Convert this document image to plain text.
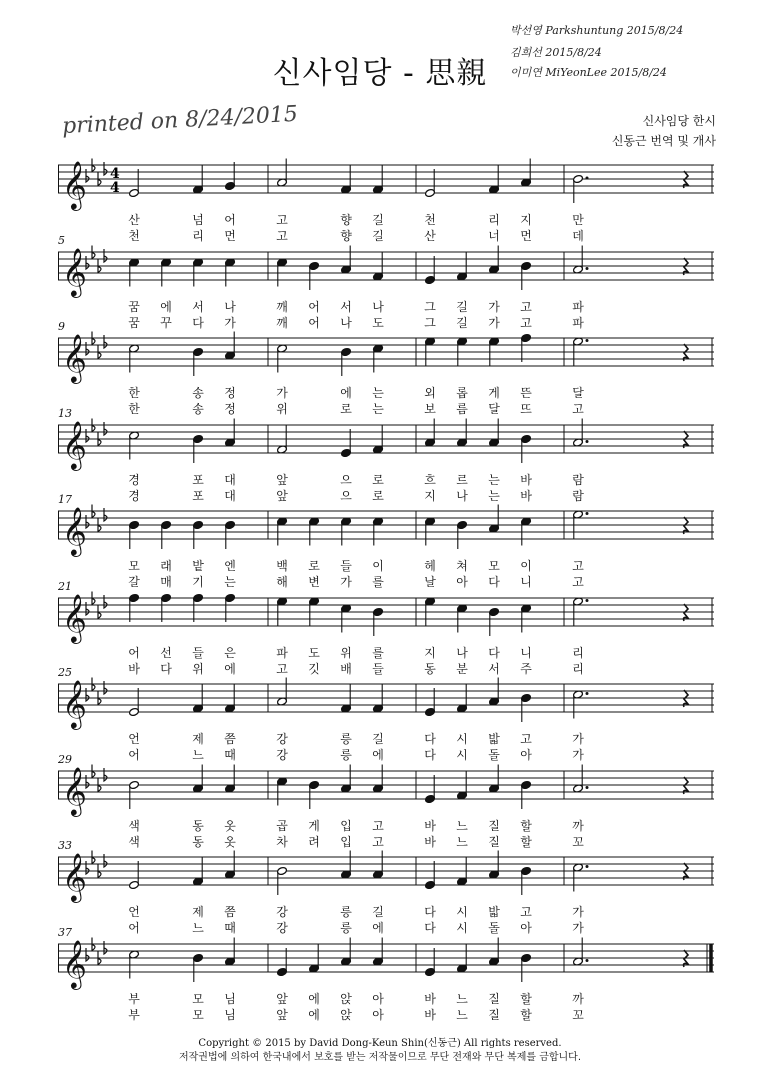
신사임당 - 思親
printed on 8/24/2015
박선영 Parkshuntung 2015/8/24
김희선 2015/8/24
이미연 MiYeonLee 2015/8/24
신사임당 한시
신동근 번역 및 개사
𝄞 4
4
산	넘	어	고	향	길	천	리	지	만
천	리	먼	고	향	길	산	너	먼	데
5
𝄞
꿈	에	서	나	깨	어	서	나	그	길	가	고	파
꿈	꾸	다	가	깨	어	나	도	그	길	가	고	파
9
𝄞
한	송	정	가	에	는	외	롭	게	뜬	달
한	송	정	위	로	는	보	름	달	뜨	고
13
𝄞
경	포	대	앞	으	로	흐	르	는	바	람
경	포	대	앞	으	로	지	나	는	바	람
17
𝄞
모	래	밭	엔	백	로	들	이	헤	쳐	모	이	고
갈	매	기	는	해	변	가	를	날	아	다	니	고
21
𝄞
어	선	들	은	파	도	위	를	지	나	다	니	리
바	다	위	에	고	깃	배	들	동	분	서	주	리
25
𝄞
언	제	쯤	강	릉	길	다	시	밟	고	가
어	느	때	강	릉	에	다	시	돌	아	가
29
𝄞
색	동	옷	곱	게	입	고	바	느	질	할	까
색	동	옷	차	려	입	고	바	느	질	할	꼬
33
𝄞
언	제	쯤	강	릉	길	다	시	밟	고	가
어	느	때	강	릉	에	다	시	돌	아	가
37
𝄞
부	모	님	앞	에	앉	아	바	느	질	할	까
부	모	님	앞	에	앉	아	바	느	질	할	꼬
Copyright © 2015 by David Dong-Keun Shin(신동근) All rights reserved.
저작권법에 의하여 한국내에서 보호를 받는 저작물이므로 무단 전재와 무단 복제를 금합니다.
